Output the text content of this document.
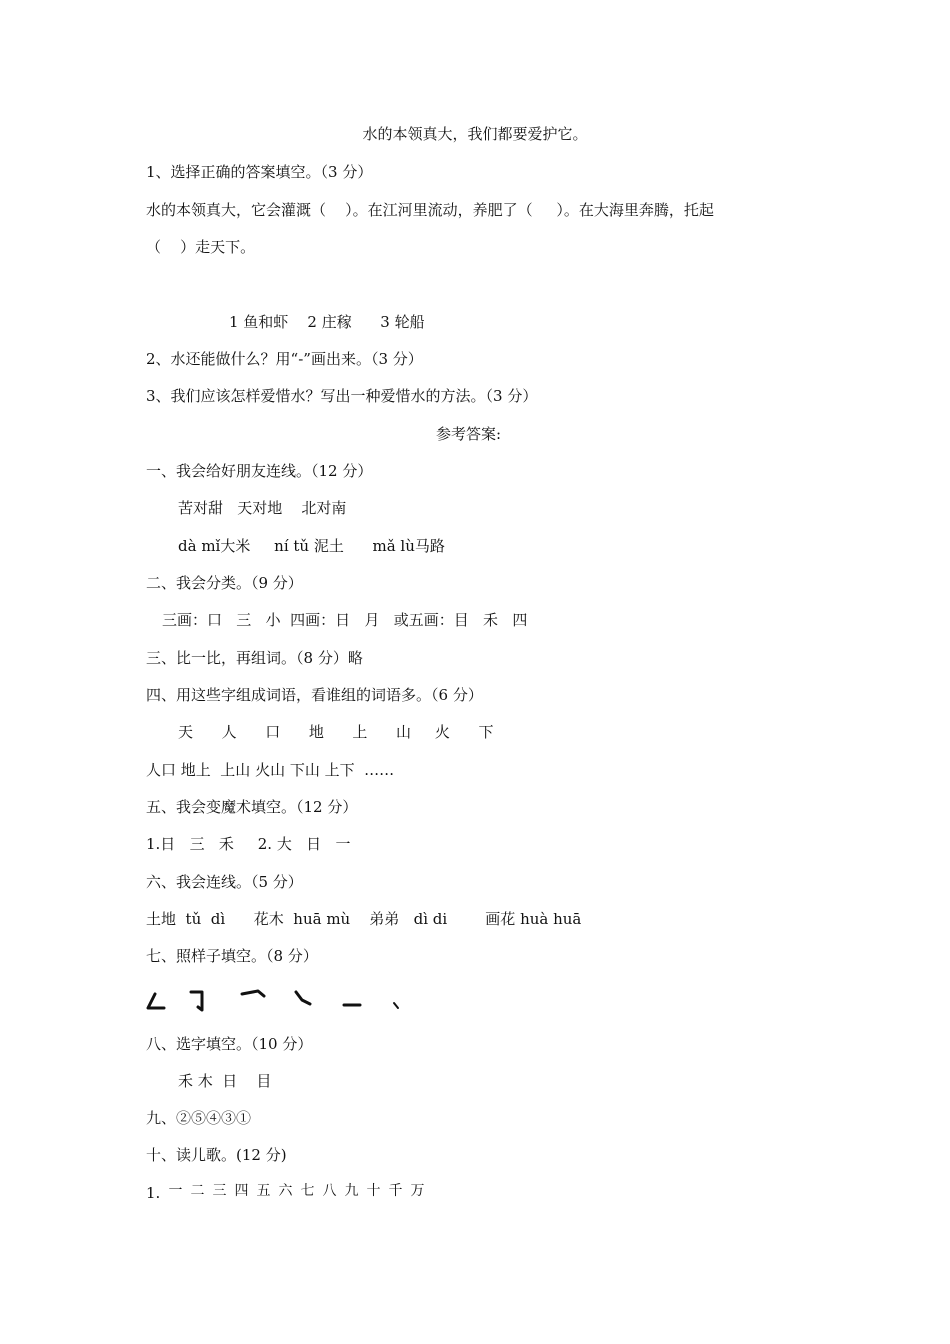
水的本领真大，我们都要爱护它。
1、选择正确的答案填空。（3 分）
水的本领真大，它会灌溉（    ）。在江河里流动，养肥了（     ）。在大海里奔腾，托起
（    ）走天下。
1 鱼和虾    2 庄稼      3 轮船
2、水还能做什么？用“-”画出来。（3 分）
3、我们应该怎样爱惜水？写出一种爱惜水的方法。（3 分）
参考答案:
一、我会给好朋友连线。（12 分）
苦对甜   天对地    北对南
dà mǐ大米     ní tǔ 泥土      mǎ lù马路
二、我会分类。（9 分）
三画：口   三   小  四画：日   月   或五画：目   禾   四
三、比一比，再组词。（8 分）略
四、用这些字组成词语，看谁组的词语多。（6 分）
天      人      口      地      上      山     火      下
人口 地上  上山 火山 下山 上下  ……
五、我会变魔术填空。（12 分）
1.日   三   禾     2. 大   日   一
六、我会连线。（5 分）
土地  tǔ  dì      花木  huā mù    弟弟   dì di        画花 huà huā
七、照样子填空。（8 分）
八、选字填空。（10 分）
禾 木  日    目
九、②⑤④③①
十、读儿歌。(12 分)
1. 一 二 三 四 五 六 七 八 九 十 千 万
